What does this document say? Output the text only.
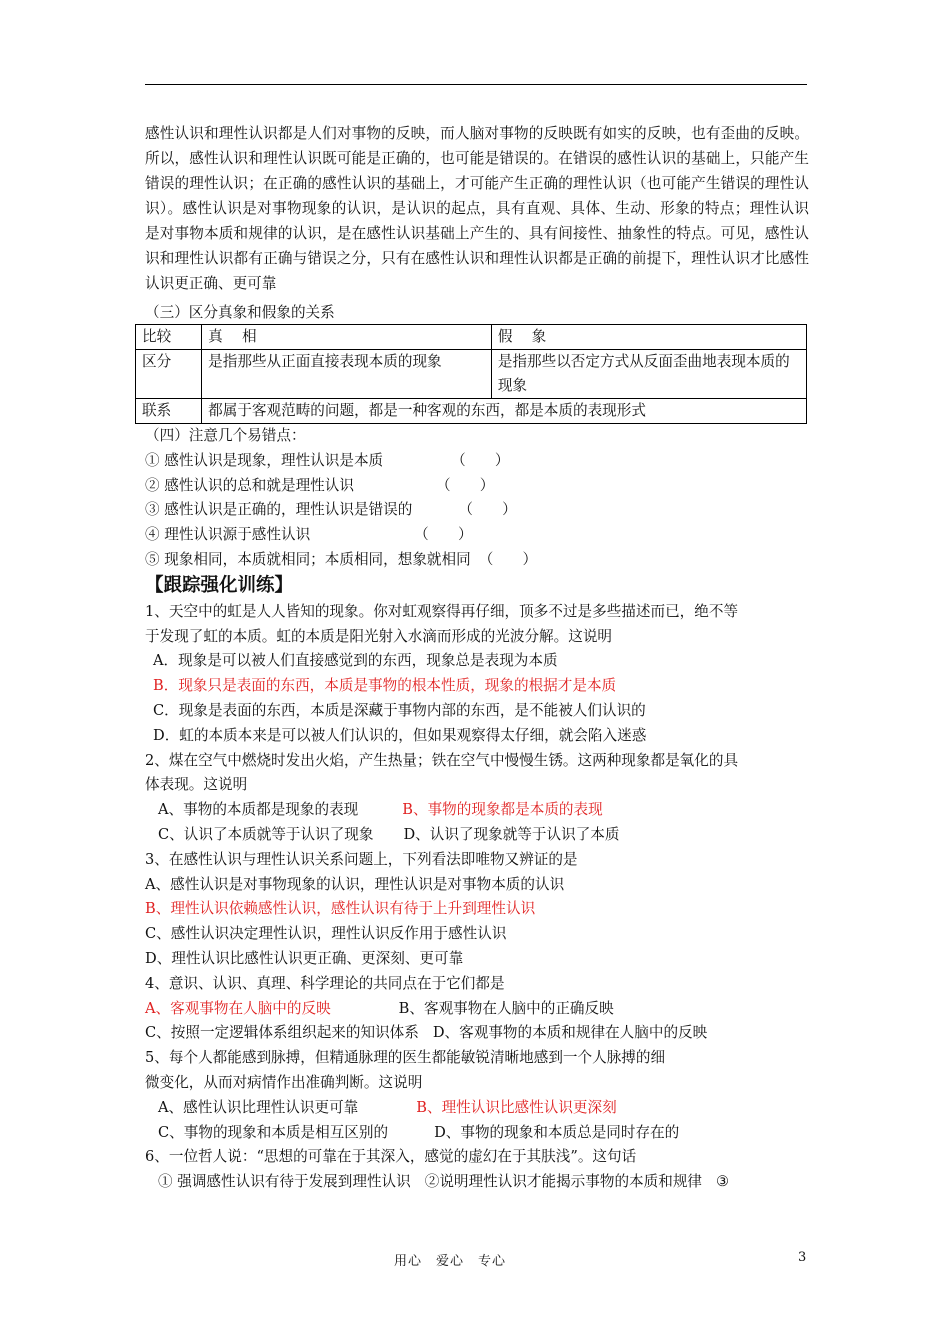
感性认识和理性认识都是人们对事物的反映，而人脑对事物的反映既有如实的反映，也有歪曲的反映。所以，感性认识和理性认识既可能是正确的，也可能是错误的。在错误的感性认识的基础上，只能产生错误的理性认识；在正确的感性认识的基础上，才可能产生正确的理性认识（也可能产生错误的理性认识）。感性认识是对事物现象的认识，是认识的起点，具有直观、具体、生动、形象的特点；理性认识是对事物本质和规律的认识，是在感性认识基础上产生的、具有间接性、抽象性的特点。可见，感性认识和理性认识都有正确与错误之分，只有在感性认识和理性认识都是正确的前提下，理性认识才比感性认识更正确、更可靠

（三）区分真象和假象的关系
比较	真　 相	假　 象
区分	是指那些从正面直接表现本质的现象	是指那些以否定方式从反面歪曲地表现本质的现象
联系	都属于客观范畴的问题，都是一种客观的东西，都是本质的表现形式	
（四）注意几个易错点：
① 感性认识是现象，理性认识是本质	（　　）
② 感性认识的总和就是理性认识	（　　）
③ 感性认识是正确的，理性认识是错误的	（　　）
④ 理性认识源于感性认识	（　　）
⑤ 现象相同，本质就相同；本质相同，想象就相同 （　　）
【跟踪强化训练】
1、天空中的虹是人人皆知的现象。你对虹观察得再仔细，顶多不过是多些描述而已，绝不等
于发现了虹的本质。虹的本质是阳光射入水滴而形成的光波分解。这说明
A．现象是可以被人们直接感觉到的东西，现象总是表现为本质
B．现象只是表面的东西，本质是事物的根本性质，现象的根据才是本质
C．现象是表面的东西，本质是深藏于事物内部的东西，是不能被人们认识的
D．虹的本质本来是可以被人们认识的，但如果观察得太仔细，就会陷入迷惑
2、煤在空气中燃烧时发出火焰，产生热量；铁在空气中慢慢生锈。这两种现象都是氧化的具
体表现。这说明
A、事物的本质都是现象的表现	B、事物的现象都是本质的表现
C、认识了本质就等于认识了现象 D、认识了现象就等于认识了本质
3、在感性认识与理性认识关系问题上，下列看法即唯物又辨证的是
A、感性认识是对事物现象的认识，理性认识是对事物本质的认识
B、理性认识依赖感性认识，感性认识有待于上升到理性认识
C、感性认识决定理性认识，理性认识反作用于感性认识
D、理性认识比感性认识更正确、更深刻、更可靠
4、意识、认识、真理、科学理论的共同点在于它们都是
A、客观事物在人脑中的反映	B、客观事物在人脑中的正确反映
C、按照一定逻辑体系组织起来的知识体系 D、客观事物的本质和规律在人脑中的反映
5、每个人都能感到脉搏，但精通脉理的医生都能敏锐清晰地感到一个人脉搏的细
微变化，从而对病情作出准确判断。这说明
A、感性认识比理性认识更可靠	B、理性认识比感性认识更深刻
C、事物的现象和本质是相互区别的	D、事物的现象和本质总是同时存在的
6、一位哲人说：“思想的可靠在于其深入，感觉的虚幻在于其肤浅”。这句话
① 强调感性认识有待于发展到理性认识 ②说明理性认识才能揭示事物的本质和规律 ③
用心　爱心　专心	3
